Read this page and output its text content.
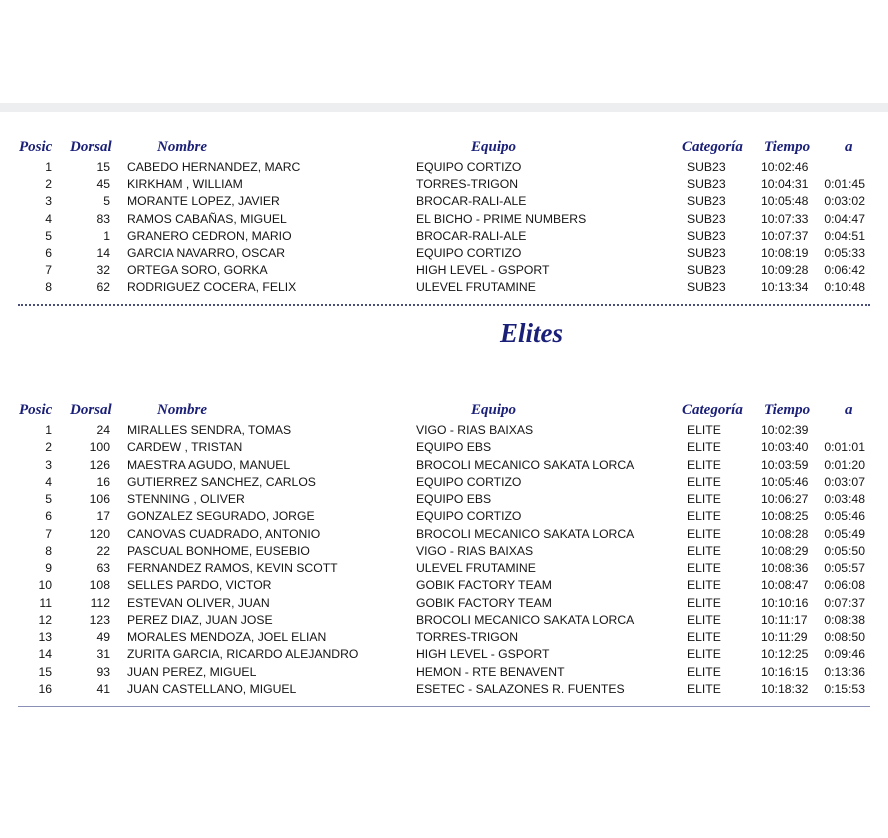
Posic Dorsal	Nombre	Equipo	Categoría Tiempo a
1	15 CABEDO HERNANDEZ, MARC	EQUIPO CORTIZO	SUB23	10:02:46
2	45 KIRKHAM , WILLIAM	TORRES-TRIGON	SUB23	10:04:31 0:01:45
3	5 MORANTE LOPEZ, JAVIER	BROCAR-RALI-ALE	SUB23	10:05:48 0:03:02
4	83 RAMOS CABAÑAS, MIGUEL	EL BICHO - PRIME NUMBERS	SUB23	10:07:33 0:04:47
5	1 GRANERO CEDRON, MARIO	BROCAR-RALI-ALE	SUB23	10:07:37 0:04:51
6	14 GARCIA NAVARRO, OSCAR	EQUIPO CORTIZO	SUB23	10:08:19 0:05:33
7	32 ORTEGA SORO, GORKA	HIGH LEVEL - GSPORT	SUB23	10:09:28 0:06:42
8	62 RODRIGUEZ COCERA, FELIX	ULEVEL FRUTAMINE	SUB23	10:13:34 0:10:48
Elites
Posic Dorsal	Nombre	Equipo	Categoría Tiempo a
1	24 MIRALLES SENDRA, TOMAS	VIGO - RIAS BAIXAS	ELITE	10:02:39
2	100 CARDEW , TRISTAN	EQUIPO EBS	ELITE	10:03:40 0:01:01
3	126 MAESTRA AGUDO, MANUEL	BROCOLI MECANICO SAKATA LORCA	ELITE	10:03:59 0:01:20
4	16 GUTIERREZ SANCHEZ, CARLOS	EQUIPO CORTIZO	ELITE	10:05:46 0:03:07
5	106 STENNING , OLIVER	EQUIPO EBS	ELITE	10:06:27 0:03:48
6	17 GONZALEZ SEGURADO, JORGE	EQUIPO CORTIZO	ELITE	10:08:25 0:05:46
7	120 CANOVAS CUADRADO, ANTONIO	BROCOLI MECANICO SAKATA LORCA	ELITE	10:08:28 0:05:49
8	22 PASCUAL BONHOME, EUSEBIO	VIGO - RIAS BAIXAS	ELITE	10:08:29 0:05:50
9	63 FERNANDEZ RAMOS, KEVIN SCOTT	ULEVEL FRUTAMINE	ELITE	10:08:36 0:05:57
10	108 SELLES PARDO, VICTOR	GOBIK FACTORY TEAM	ELITE	10:08:47 0:06:08
11	112 ESTEVAN OLIVER, JUAN	GOBIK FACTORY TEAM	ELITE	10:10:16 0:07:37
12	123 PEREZ DIAZ, JUAN JOSE	BROCOLI MECANICO SAKATA LORCA	ELITE	10:11:17 0:08:38
13	49 MORALES MENDOZA, JOEL ELIAN	TORRES-TRIGON	ELITE	10:11:29 0:08:50
14	31 ZURITA GARCIA, RICARDO ALEJANDRO	HIGH LEVEL - GSPORT	ELITE	10:12:25 0:09:46
15	93 JUAN PEREZ, MIGUEL	HEMON - RTE BENAVENT	ELITE	10:16:15 0:13:36
16	41 JUAN CASTELLANO, MIGUEL	ESETEC - SALAZONES R. FUENTES	ELITE	10:18:32 0:15:53
